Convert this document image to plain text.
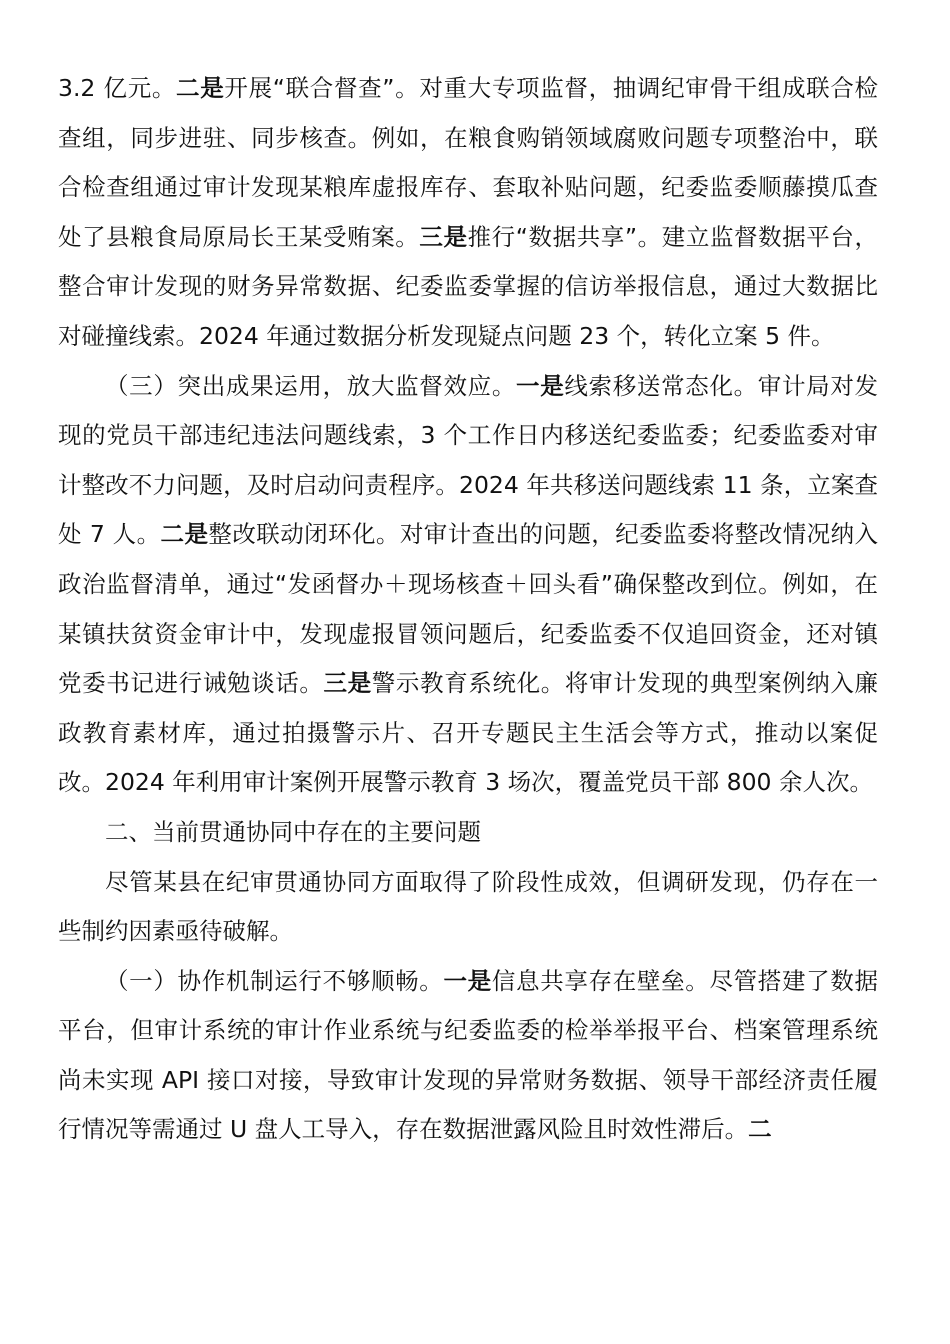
3.2 亿元。二是开展“联合督查”。对重大专项监督，抽调纪审骨干组成联合检查组，同步进驻、同步核查。例如，在粮食购销领域腐败问题专项整治中，联合检查组通过审计发现某粮库虚报库存、套取补贴问题，纪委监委顺藤摸瓜查处了县粮食局原局长王某受贿案。三是推行“数据共享”。建立监督数据平台，整合审计发现的财务异常数据、纪委监委掌握的信访举报信息，通过大数据比对碰撞线索。2024 年通过数据分析发现疑点问题 23 个，转化立案 5 件。

（三）突出成果运用，放大监督效应。一是线索移送常态化。审计局对发现的党员干部违纪违法问题线索，3 个工作日内移送纪委监委；纪委监委对审计整改不力问题，及时启动问责程序。2024 年共移送问题线索 11 条，立案查处 7 人。二是整改联动闭环化。对审计查出的问题，纪委监委将整改情况纳入政治监督清单，通过“发函督办＋现场核查＋回头看”确保整改到位。例如，在某镇扶贫资金审计中，发现虚报冒领问题后，纪委监委不仅追回资金，还对镇党委书记进行诫勉谈话。三是警示教育系统化。将审计发现的典型案例纳入廉政教育素材库，通过拍摄警示片、召开专题民主生活会等方式，推动以案促改。2024 年利用审计案例开展警示教育 3 场次，覆盖党员干部 800 余人次。

二、当前贯通协同中存在的主要问题

尽管某县在纪审贯通协同方面取得了阶段性成效，但调研发现，仍存在一些制约因素亟待破解。

（一）协作机制运行不够顺畅。一是信息共享存在壁垒。尽管搭建了数据平台，但审计系统的审计作业系统与纪委监委的检举举报平台、档案管理系统尚未实现 API 接口对接，导致审计发现的异常财务数据、领导干部经济责任履行情况等需通过 U 盘人工导入，存在数据泄露风险且时效性滞后。二
